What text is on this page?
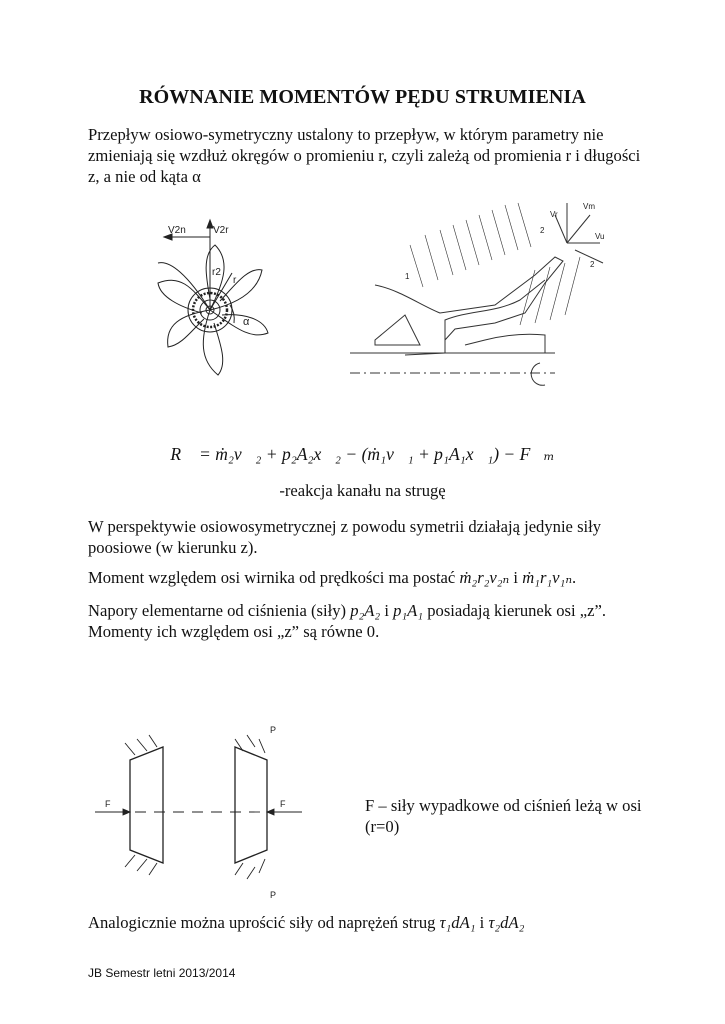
RÓWNANIE MOMENTÓW PĘDU STRUMIENIA
Przepływ osiowo-symetryczny ustalony to przepływ, w którym parametry nie zmieniają się wzdłuż okręgów o promieniu r, czyli zależą od promienia r i długości z, a nie od kąta α
V2n	V2r
r2
r
α
Vr
Vm
Vu
1
2
2
R⃗ = ṁ₂v⃗₂ + p₂A₂x⃗₂ − (ṁ₁v⃗₁ + p₁A₁x⃗₁) − F⃗ₘ
-reakcja kanału na strugę
W perspektywie osiowosymetrycznej z powodu symetrii działają jedynie siły poosiowe (w kierunku z).
Moment względem osi wirnika od prędkości ma postać ṁ₂r₂v₂ₙ i ṁ₁r₁v₁ₙ.
Napory elementarne od ciśnienia (siły) p₂A₂ i p₁A₁ posiadają kierunek osi „z”.
Momenty ich względem osi „z” są równe 0.
F	F
P
P
F – siły wypadkowe od ciśnień leżą w osi (r=0)
Analogicznie można uprościć siły od naprężeń strug τ₁dA₁ i τ₂dA₂
JB Semestr letni 2013/2014
